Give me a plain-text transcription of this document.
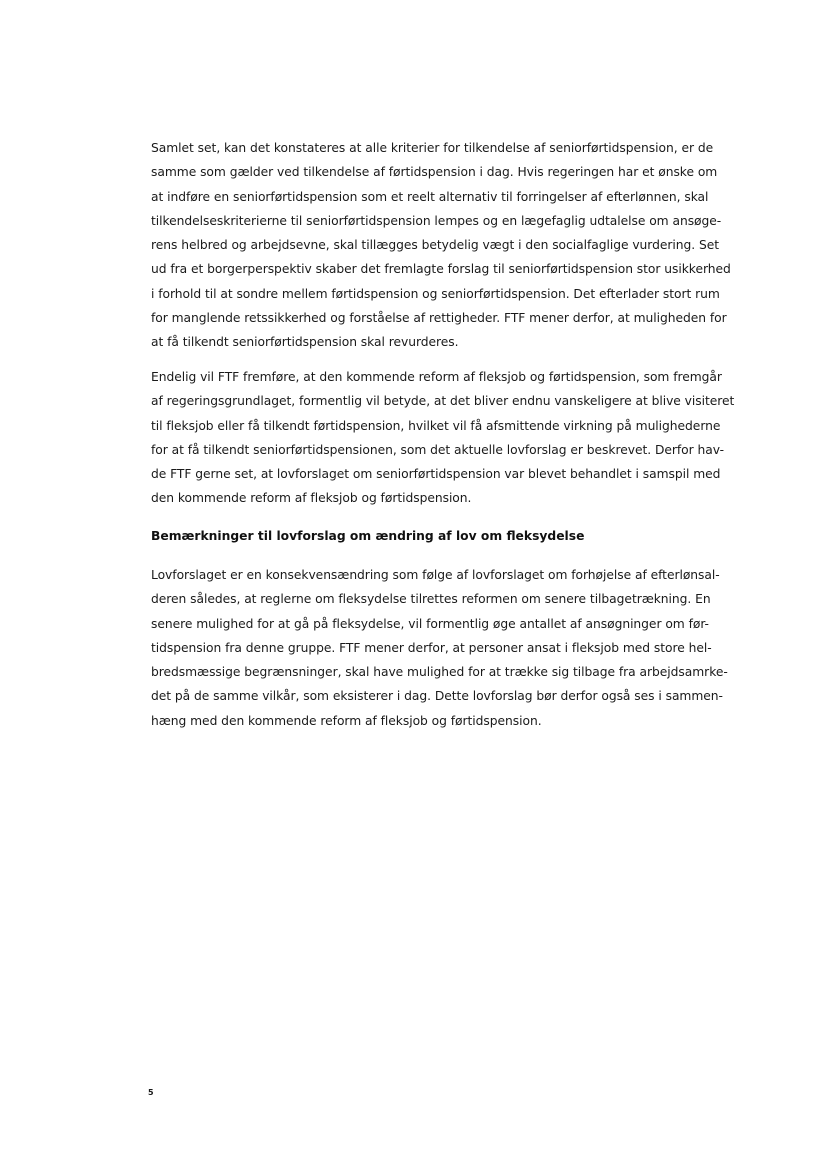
Samlet set, kan det konstateres at alle kriterier for tilkendelse af seniorførtidspension, er de
samme som gælder ved tilkendelse af førtidspension i dag. Hvis regeringen har et ønske om
at indføre en seniorførtidspension som et reelt alternativ til forringelser af efterlønnen, skal
tilkendelseskriterierne til seniorførtidspension lempes og en lægefaglig udtalelse om ansøge-
rens helbred og arbejdsevne, skal tillægges betydelig vægt i den socialfaglige vurdering. Set
ud fra et borgerperspektiv skaber det fremlagte forslag til seniorførtidspension stor usikkerhed
i forhold til at sondre mellem førtidspension og seniorførtidspension. Det efterlader stort rum
for manglende retssikkerhed og forståelse af rettigheder. FTF mener derfor, at muligheden for
at få tilkendt seniorførtidspension skal revurderes.
Endelig vil FTF fremføre, at den kommende reform af fleksjob og førtidspension, som fremgår
af regeringsgrundlaget, formentlig vil betyde, at det bliver endnu vanskeligere at blive visiteret
til fleksjob eller få tilkendt førtidspension, hvilket vil få afsmittende virkning på mulighederne
for at få tilkendt seniorførtidspensionen, som det aktuelle lovforslag er beskrevet. Derfor hav-
de FTF gerne set, at lovforslaget om seniorførtidspension var blevet behandlet i samspil med
den kommende reform af fleksjob og førtidspension.
Bemærkninger til lovforslag om ændring af lov om fleksydelse
Lovforslaget er en konsekvensændring som følge af lovforslaget om forhøjelse af efterlønsal-
deren således, at reglerne om fleksydelse tilrettes reformen om senere tilbagetrækning. En
senere mulighed for at gå på fleksydelse, vil formentlig øge antallet af ansøgninger om før-
tidspension fra denne gruppe. FTF mener derfor, at personer ansat i fleksjob med store hel-
bredsmæssige begrænsninger, skal have mulighed for at trække sig tilbage fra arbejdsamrke-
det på de samme vilkår, som eksisterer i dag. Dette lovforslag bør derfor også ses i sammen-
hæng med den kommende reform af fleksjob og førtidspension.
5
